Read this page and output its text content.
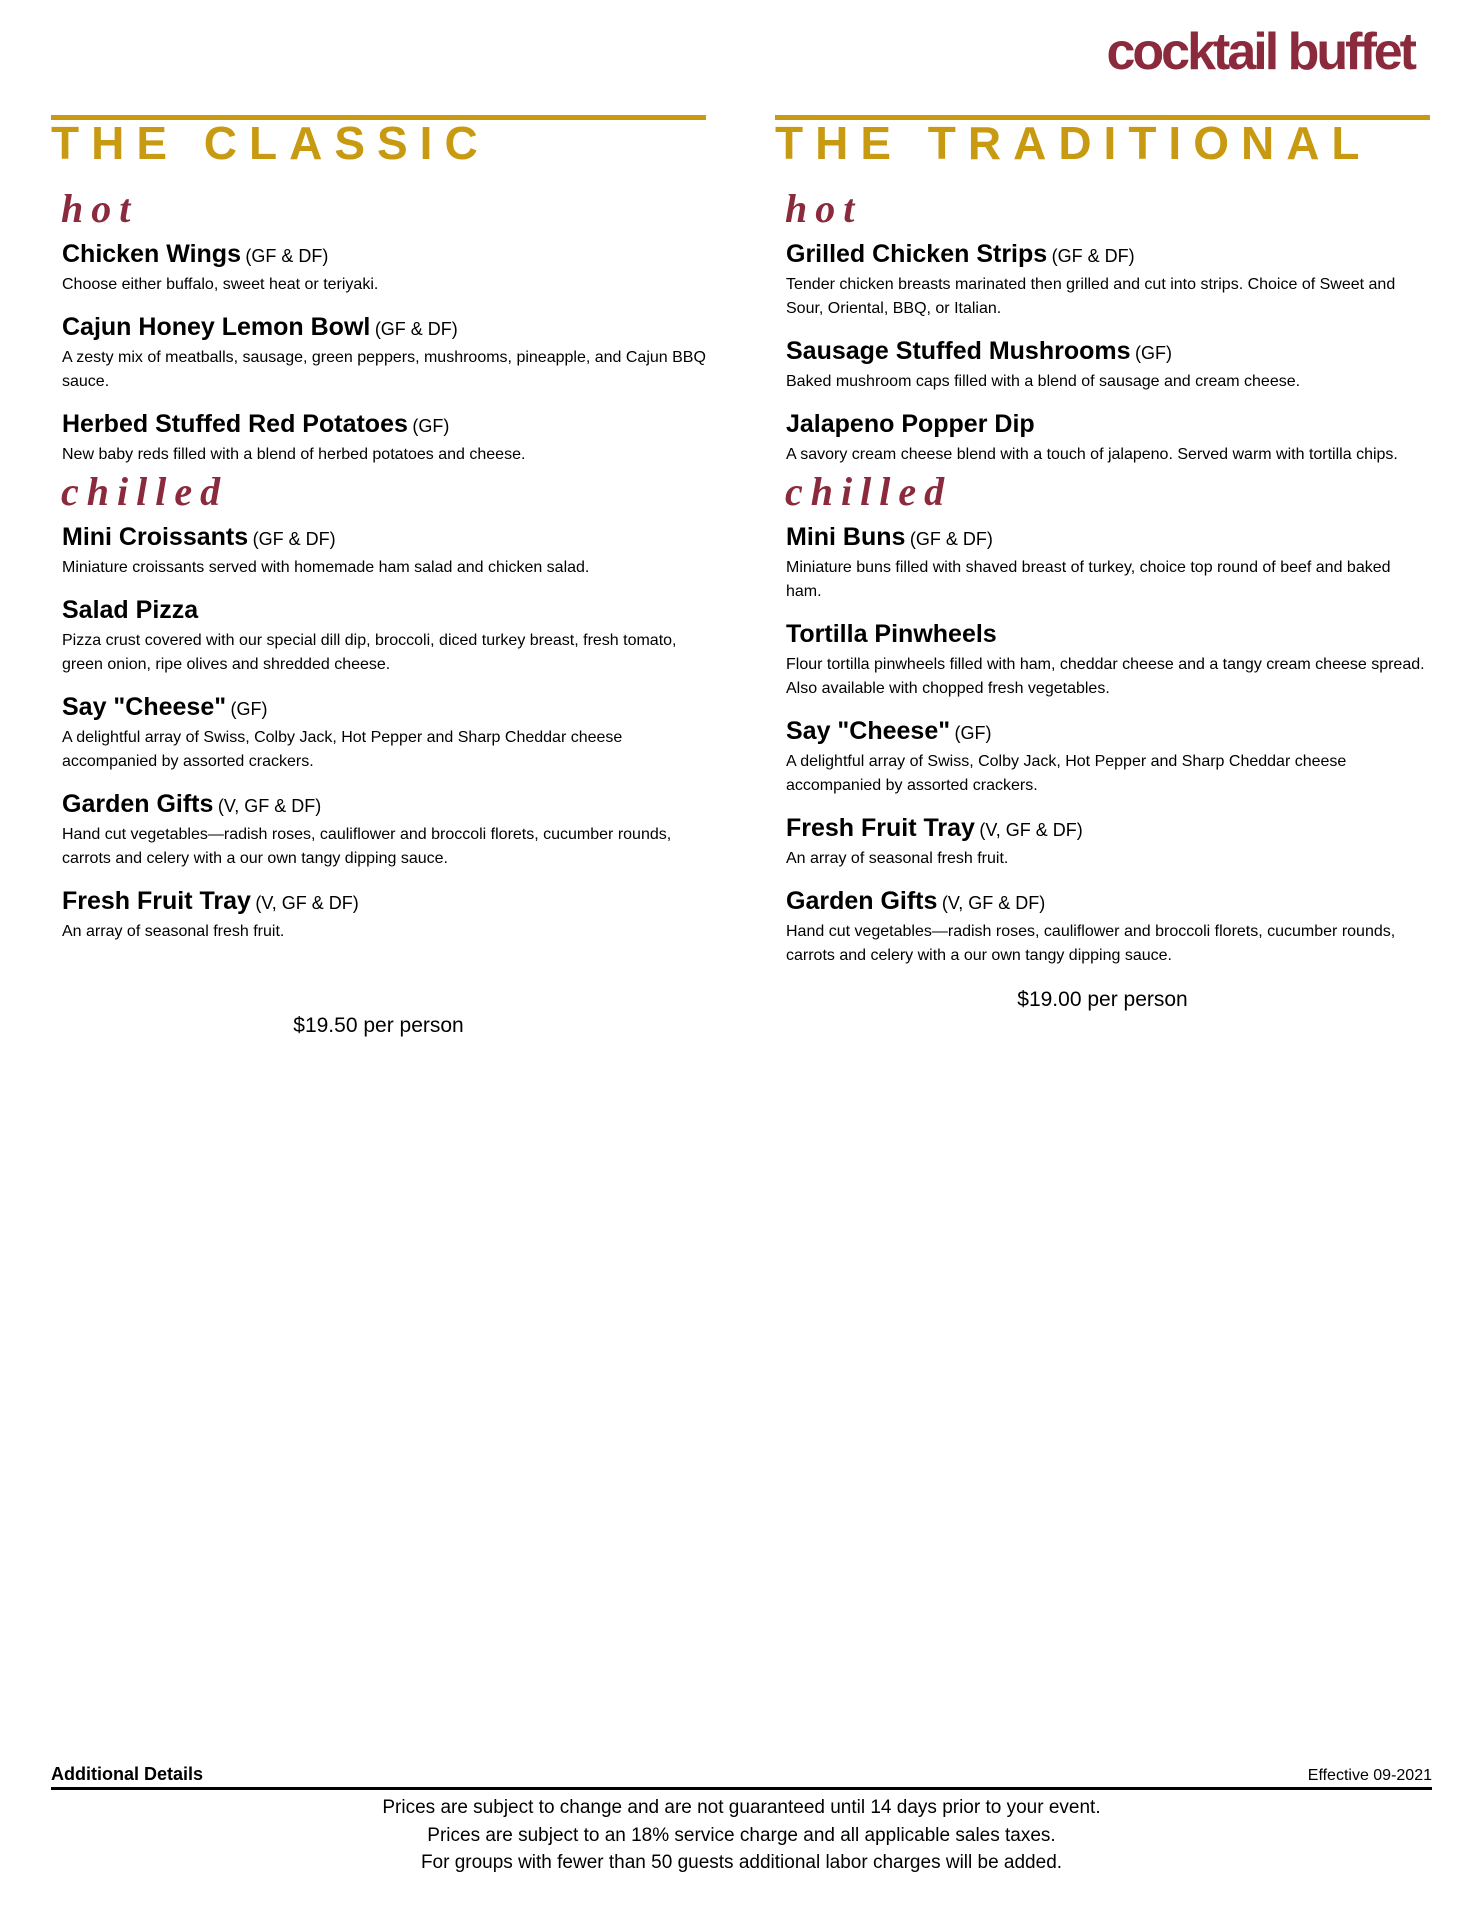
cocktail buffet
THE CLASSIC
hot
Chicken Wings (GF & DF)
Choose either buffalo, sweet heat or teriyaki.
Cajun Honey Lemon Bowl (GF & DF)
A zesty mix of meatballs, sausage, green peppers, mushrooms, pineapple, and Cajun BBQ sauce.
Herbed Stuffed Red Potatoes (GF)
New baby reds filled with a blend of herbed potatoes and cheese.
chilled
Mini Croissants (GF & DF)
Miniature croissants served with homemade ham salad and chicken salad.
Salad Pizza
Pizza crust covered with our special dill dip, broccoli, diced turkey breast, fresh tomato, green onion, ripe olives and shredded cheese.
Say "Cheese" (GF)
A delightful array of Swiss, Colby Jack, Hot Pepper and Sharp Cheddar cheese accompanied by assorted crackers.
Garden Gifts (V, GF & DF)
Hand cut vegetables—radish roses, cauliflower and broccoli florets, cucumber rounds, carrots and celery with a our own tangy dipping sauce.
Fresh Fruit Tray (V, GF & DF)
An array of seasonal fresh fruit.
$19.50 per person
THE TRADITIONAL
hot
Grilled Chicken Strips (GF & DF)
Tender chicken breasts marinated then grilled and cut into strips. Choice of Sweet and Sour, Oriental, BBQ, or Italian.
Sausage Stuffed Mushrooms (GF)
Baked mushroom caps filled with a blend of sausage and cream cheese.
Jalapeno Popper Dip
A savory cream cheese blend with a touch of jalapeno. Served warm with tortilla chips.
chilled
Mini Buns (GF & DF)
Miniature buns filled with shaved breast of turkey, choice top round of beef and baked ham.
Tortilla Pinwheels
Flour tortilla pinwheels filled with ham, cheddar cheese and a tangy cream cheese spread. Also available with chopped fresh vegetables.
Say "Cheese" (GF)
A delightful array of Swiss, Colby Jack, Hot Pepper and Sharp Cheddar cheese accompanied by assorted crackers.
Fresh Fruit Tray (V, GF & DF)
An array of seasonal fresh fruit.
Garden Gifts (V, GF & DF)
Hand cut vegetables—radish roses, cauliflower and broccoli florets, cucumber rounds, carrots and celery with a our own tangy dipping sauce.
$19.00 per person
Additional Details	Effective 09-2021
Prices are subject to change and are not guaranteed until 14 days prior to your event.
Prices are subject to an 18% service charge and all applicable sales taxes.
For groups with fewer than 50 guests additional labor charges will be added.
